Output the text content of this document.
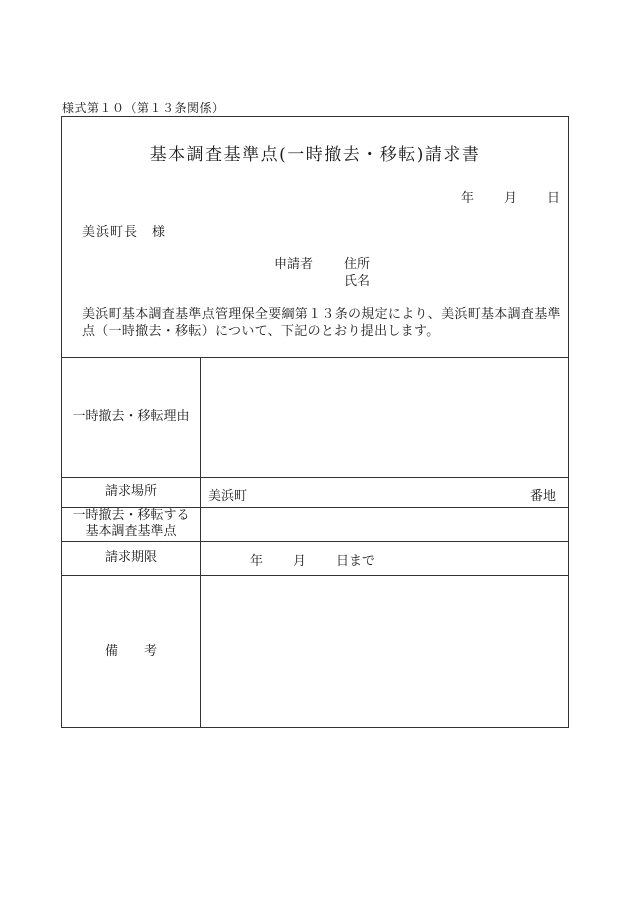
様式第１０（第１３条関係）
基本調査基準点(一時撤去・移転)請求書
年 月 日
美浜町長　様
申請者	住所
氏名
美浜町基本調査基準点管理保全要綱第１３条の規定により、美浜町基本調査基準点（一時撤去・移転）について、下記のとおり提出します。
一時撤去・移転理由
請求場所	美浜町	番地
一時撤去・移転する
基本調査基準点
請求期限	年 月 日まで
備　　考
